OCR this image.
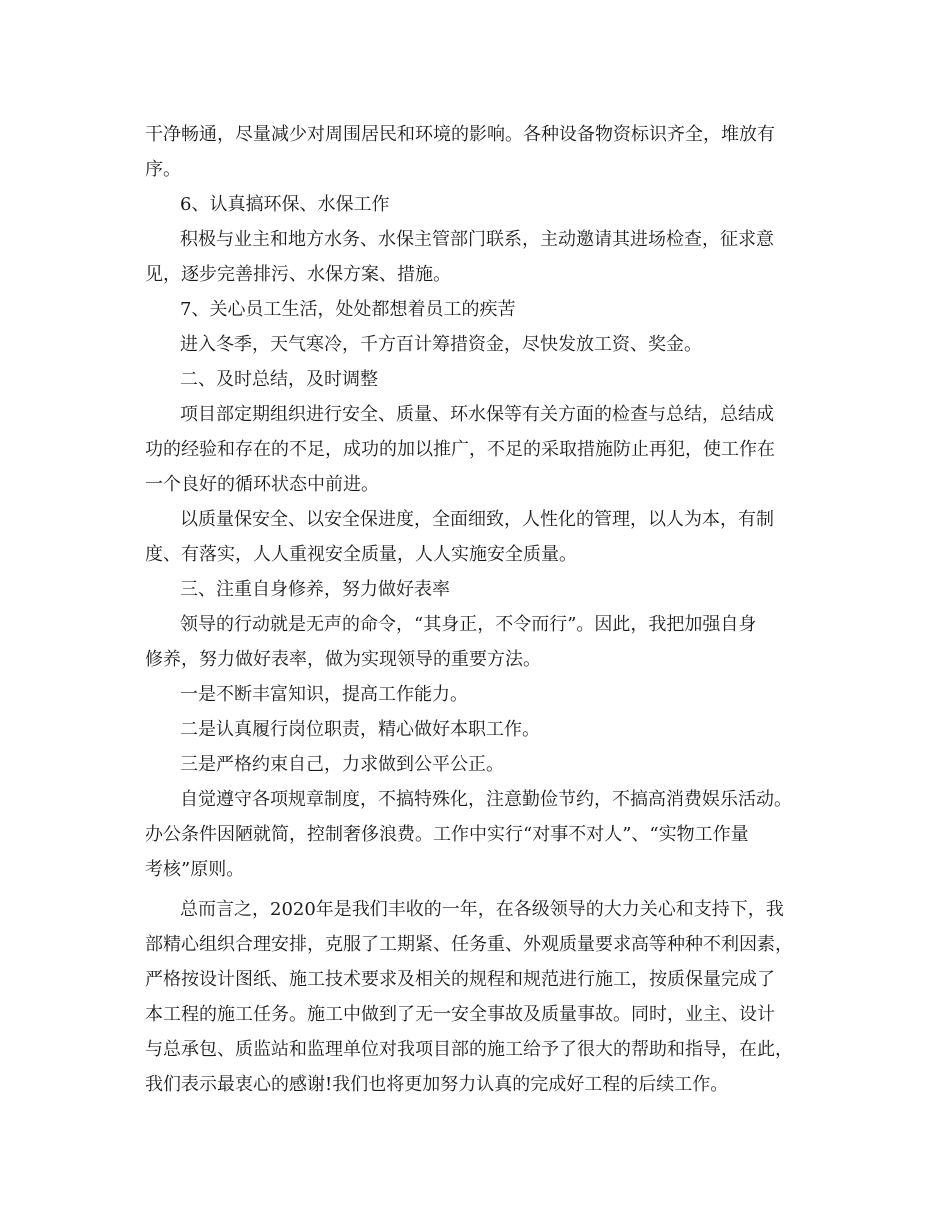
干净畅通，尽量减少对周围居民和环境的影响。各种设备物资标识齐全，堆放有

序。

6、认真搞环保、水保工作

积极与业主和地方水务、水保主管部门联系，主动邀请其进场检查，征求意

见，逐步完善排污、水保方案、措施。

7、关心员工生活，处处都想着员工的疾苦

进入冬季，天气寒冷，千方百计筹措资金，尽快发放工资、奖金。

二、及时总结，及时调整

项目部定期组织进行安全、质量、环水保等有关方面的检查与总结，总结成

功的经验和存在的不足，成功的加以推广，不足的采取措施防止再犯，使工作在

一个良好的循环状态中前进。

以质量保安全、以安全保进度，全面细致，人性化的管理，以人为本，有制

度、有落实，人人重视安全质量，人人实施安全质量。

三、注重自身修养，努力做好表率

领导的行动就是无声的命令，“其身正，不令而行”。因此，我把加强自身

修养，努力做好表率，做为实现领导的重要方法。

一是不断丰富知识，提高工作能力。

二是认真履行岗位职责，精心做好本职工作。

三是严格约束自己，力求做到公平公正。

自觉遵守各项规章制度，不搞特殊化，注意勤俭节约，不搞高消费娱乐活动。

办公条件因陋就简，控制奢侈浪费。工作中实行“对事不对人”、“实物工作量

考核”原则。

总而言之，2020年是我们丰收的一年，在各级领导的大力关心和支持下，我

部精心组织合理安排，克服了工期紧、任务重、外观质量要求高等种种不利因素，

严格按设计图纸、施工技术要求及相关的规程和规范进行施工，按质保量完成了

本工程的施工任务。施工中做到了无一安全事故及质量事故。同时，业主、设计

与总承包、质监站和监理单位对我项目部的施工给予了很大的帮助和指导，在此，

我们表示最衷心的感谢!我们也将更加努力认真的完成好工程的后续工作。
